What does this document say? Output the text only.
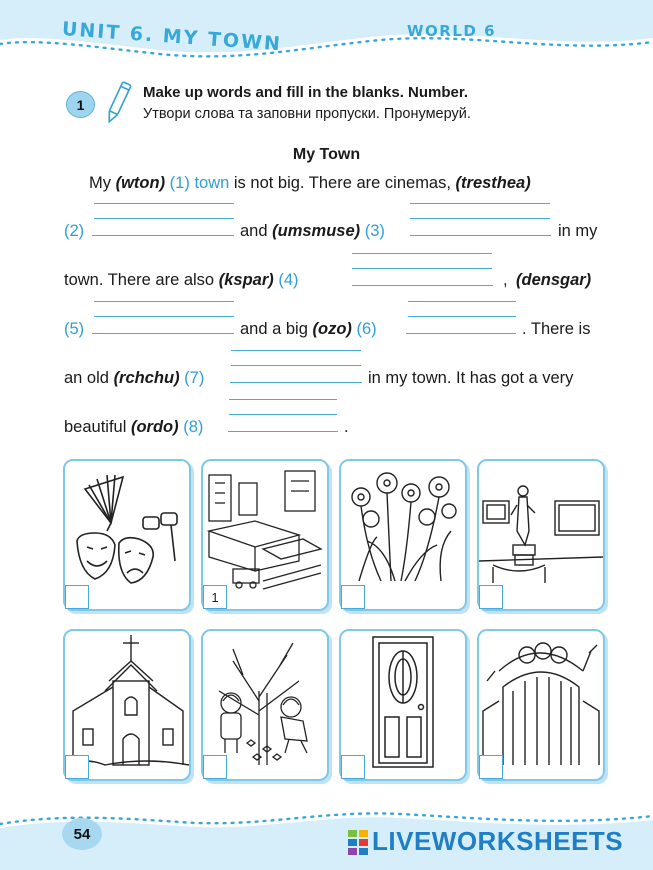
UNIT 6. MY TOWN	WORLD 6
1
Make up words and fill in the blanks. Number.
Утвори слова та заповни пропуски. Пронумеруй.
My Town
My (wton) (1) town is not big. There are cinemas, (tresthea)
(2)	and (umsmuse) (3)	in my
town. There are also (kspar) (4)	, (densgar)
(5)	and a big (ozo) (6)	. There is
an old (rchchu) (7)	in my town. It has got a very
beautiful (ordo) (8)	.
1
54	LIVEWORKSHEETS
